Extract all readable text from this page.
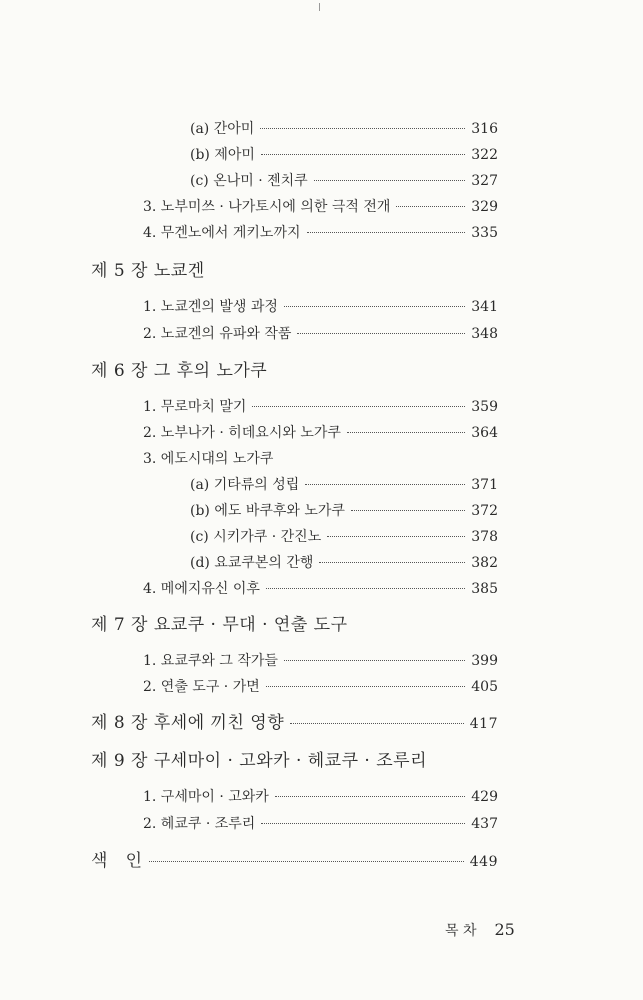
(a) 간아미	316
(b) 제아미	322
(c) 온나미 · 젠치쿠	327
3. 노부미쓰 · 나가토시에 의한 극적 전개	329
4. 무겐노에서 게키노까지	335
제 5 장 노쿄겐
1. 노쿄겐의 발생 과정	341
2. 노쿄겐의 유파와 작품	348
제 6 장 그 후의 노가쿠
1. 무로마치 말기	359
2. 노부나가 · 히데요시와 노가쿠	364
3. 에도시대의 노가쿠
(a) 기타류의 성립	371
(b) 에도 바쿠후와 노가쿠	372
(c) 시키가쿠 · 간진노	378
(d) 요쿄쿠본의 간행	382
4. 메에지유신 이후	385
제 7 장 요쿄쿠 · 무대 · 연출 도구
1. 요쿄쿠와 그 작가들	399
2. 연출 도구 · 가면	405
제 8 장 후세에 끼친 영향	417
제 9 장 구세마이 · 고와카 · 헤쿄쿠 · 조루리
1. 구세마이 · 고와카	429
2. 헤쿄쿠 · 조루리	437
색   인	449
목 차 25
